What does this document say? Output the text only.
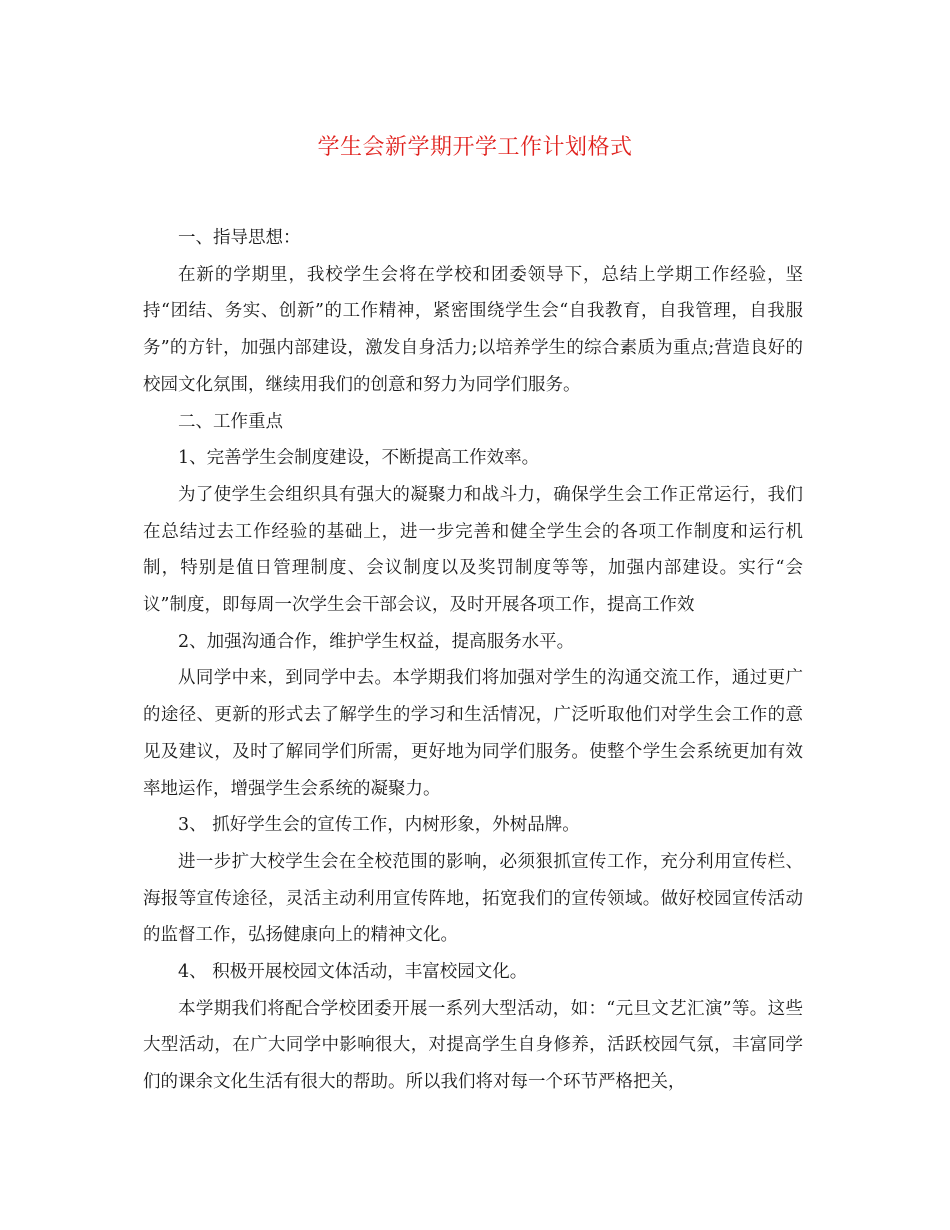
学生会新学期开学工作计划格式

一、指导思想：

在新的学期里，我校学生会将在学校和团委领导下，总结上学期工作经验，坚持“团结、务实、创新”的工作精神，紧密围绕学生会“自我教育，自我管理，自我服务”的方针，加强内部建设，激发自身活力;以培养学生的综合素质为重点;营造良好的校园文化氛围，继续用我们的创意和努力为同学们服务。

二、工作重点

1、完善学生会制度建设，不断提高工作效率。

为了使学生会组织具有强大的凝聚力和战斗力，确保学生会工作正常运行，我们在总结过去工作经验的基础上，进一步完善和健全学生会的各项工作制度和运行机制，特别是值日管理制度、会议制度以及奖罚制度等等，加强内部建设。实行“会议”制度，即每周一次学生会干部会议，及时开展各项工作，提高工作效

2、加强沟通合作，维护学生权益，提高服务水平。

从同学中来，到同学中去。本学期我们将加强对学生的沟通交流工作，通过更广的途径、更新的形式去了解学生的学习和生活情况，广泛听取他们对学生会工作的意见及建议，及时了解同学们所需，更好地为同学们服务。使整个学生会系统更加有效率地运作，增强学生会系统的凝聚力。

3、 抓好学生会的宣传工作，内树形象，外树品牌。

进一步扩大校学生会在全校范围的影响，必须狠抓宣传工作，充分利用宣传栏、海报等宣传途径，灵活主动利用宣传阵地，拓宽我们的宣传领域。做好校园宣传活动的监督工作，弘扬健康向上的精神文化。

4、 积极开展校园文体活动，丰富校园文化。

本学期我们将配合学校团委开展一系列大型活动，如：“元旦文艺汇演”等。这些大型活动，在广大同学中影响很大，对提高学生自身修养，活跃校园气氛，丰富同学们的课余文化生活有很大的帮助。所以我们将对每一个环节严格把关，
